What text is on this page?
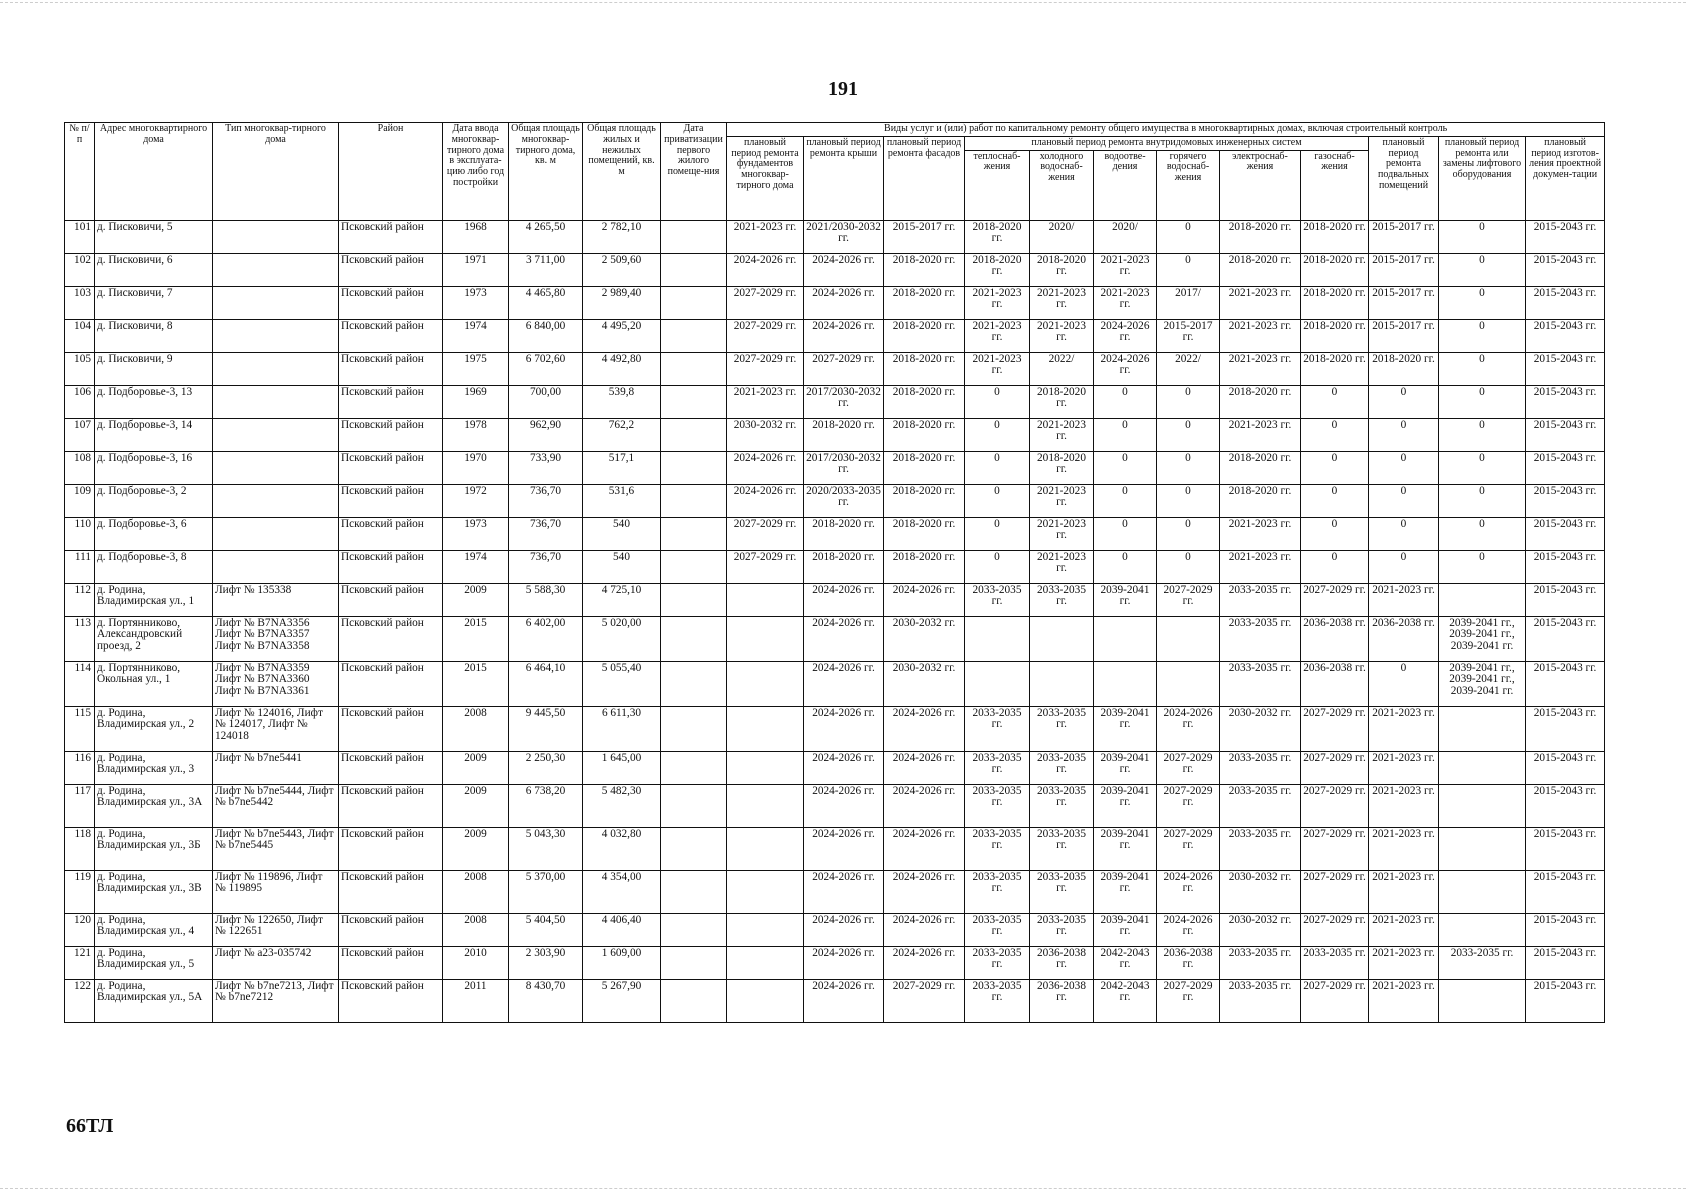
191
№ п/п	Адрес многоквартирного дома	Тип многоквар-тирного дома	Район	Дата ввода многоквар-тирного дома в эксплуата-цию либо год постройки	Общая площадь многоквар-тирного дома, кв. м	Общая площадь жилых и нежилых помещений, кв. м	Дата приватизации первого жилого помеще-ния	Виды услуг и (или) работ по капитальному ремонту общего имущества в многоквартирных домах, включая строительный контроль											
								плановый период ремонта фундаментов многоквар-тирного дома	плановый период ремонта крыши	плановый период ремонта фасадов	плановый период ремонта внутридомовых инженерных систем						плановый период ремонта подвальных помещений	плановый период ремонта или замены лифтового оборудования	плановый период изготов-ления проектной докумен-тации
											теплоснаб-жения	холодного водоснаб-жения	водоотве-дения	горячего водоснаб-жения	электроснаб-жения	газоснаб-жения			
101	д. Писковичи, 5		Псковский район	1968	4 265,50	2 782,10		2021-2023 гг.	2021/2030-2032 гг.	2015-2017 гг.	2018-2020 гг.	2020/	2020/	0	2018-2020 гг.	2018-2020 гг.	2015-2017 гг.	0	2015-2043 гг.
102	д. Писковичи, 6		Псковский район	1971	3 711,00	2 509,60		2024-2026 гг.	2024-2026 гг.	2018-2020 гг.	2018-2020 гг.	2018-2020 гг.	2021-2023 гг.	0	2018-2020 гг.	2018-2020 гг.	2015-2017 гг.	0	2015-2043 гг.
103	д. Писковичи, 7		Псковский район	1973	4 465,80	2 989,40		2027-2029 гг.	2024-2026 гг.	2018-2020 гг.	2021-2023 гг.	2021-2023 гг.	2021-2023 гг.	2017/	2021-2023 гг.	2018-2020 гг.	2015-2017 гг.	0	2015-2043 гг.
104	д. Писковичи, 8		Псковский район	1974	6 840,00	4 495,20		2027-2029 гг.	2024-2026 гг.	2018-2020 гг.	2021-2023 гг.	2021-2023 гг.	2024-2026 гг.	2015-2017 гг.	2021-2023 гг.	2018-2020 гг.	2015-2017 гг.	0	2015-2043 гг.
105	д. Писковичи, 9		Псковский район	1975	6 702,60	4 492,80		2027-2029 гг.	2027-2029 гг.	2018-2020 гг.	2021-2023 гг.	2022/	2024-2026 гг.	2022/	2021-2023 гг.	2018-2020 гг.	2018-2020 гг.	0	2015-2043 гг.
106	д. Подборовье-3, 13		Псковский район	1969	700,00	539,8		2021-2023 гг.	2017/2030-2032 гг.	2018-2020 гг.	0	2018-2020 гг.	0	0	2018-2020 гг.	0	0	0	2015-2043 гг.
107	д. Подборовье-3, 14		Псковский район	1978	962,90	762,2		2030-2032 гг.	2018-2020 гг.	2018-2020 гг.	0	2021-2023 гг.	0	0	2021-2023 гг.	0	0	0	2015-2043 гг.
108	д. Подборовье-3, 16		Псковский район	1970	733,90	517,1		2024-2026 гг.	2017/2030-2032 гг.	2018-2020 гг.	0	2018-2020 гг.	0	0	2018-2020 гг.	0	0	0	2015-2043 гг.
109	д. Подборовье-3, 2		Псковский район	1972	736,70	531,6		2024-2026 гг.	2020/2033-2035 гг.	2018-2020 гг.	0	2021-2023 гг.	0	0	2018-2020 гг.	0	0	0	2015-2043 гг.
110	д. Подборовье-3, 6		Псковский район	1973	736,70	540		2027-2029 гг.	2018-2020 гг.	2018-2020 гг.	0	2021-2023 гг.	0	0	2021-2023 гг.	0	0	0	2015-2043 гг.
111	д. Подборовье-3, 8		Псковский район	1974	736,70	540		2027-2029 гг.	2018-2020 гг.	2018-2020 гг.	0	2021-2023 гг.	0	0	2021-2023 гг.	0	0	0	2015-2043 гг.
112	д. Родина, Владимирская ул., 1	Лифт № 135338	Псковский район	2009	5 588,30	4 725,10			2024-2026 гг.	2024-2026 гг.	2033-2035 гг.	2033-2035 гг.	2039-2041 гг.	2027-2029 гг.	2033-2035 гг.	2027-2029 гг.	2021-2023 гг.		2015-2043 гг.
113	д. Портянниково, Александровский проезд, 2	Лифт № B7NA3356 Лифт № B7NA3357 Лифт № B7NA3358	Псковский район	2015	6 402,00	5 020,00			2024-2026 гг.	2030-2032 гг.					2033-2035 гг.	2036-2038 гг.	2036-2038 гг.	2039-2041 гг., 2039-2041 гг., 2039-2041 гг.	2015-2043 гг.
114	д. Портянниково, Окольная ул., 1	Лифт № B7NA3359 Лифт № B7NA3360 Лифт № B7NA3361	Псковский район	2015	6 464,10	5 055,40			2024-2026 гг.	2030-2032 гг.					2033-2035 гг.	2036-2038 гг.	0	2039-2041 гг., 2039-2041 гг., 2039-2041 гг.	2015-2043 гг.
115	д. Родина, Владимирская ул., 2	Лифт № 124016, Лифт № 124017, Лифт № 124018	Псковский район	2008	9 445,50	6 611,30			2024-2026 гг.	2024-2026 гг.	2033-2035 гг.	2033-2035 гг.	2039-2041 гг.	2024-2026 гг.	2030-2032 гг.	2027-2029 гг.	2021-2023 гг.		2015-2043 гг.
116	д. Родина, Владимирская ул., 3	Лифт № b7ne5441	Псковский район	2009	2 250,30	1 645,00			2024-2026 гг.	2024-2026 гг.	2033-2035 гг.	2033-2035 гг.	2039-2041 гг.	2027-2029 гг.	2033-2035 гг.	2027-2029 гг.	2021-2023 гг.		2015-2043 гг.
117	д. Родина, Владимирская ул., 3А	Лифт № b7ne5444, Лифт № b7ne5442	Псковский район	2009	6 738,20	5 482,30			2024-2026 гг.	2024-2026 гг.	2033-2035 гг.	2033-2035 гг.	2039-2041 гг.	2027-2029 гг.	2033-2035 гг.	2027-2029 гг.	2021-2023 гг.		2015-2043 гг.
118	д. Родина, Владимирская ул., 3Б	Лифт № b7ne5443, Лифт № b7ne5445	Псковский район	2009	5 043,30	4 032,80			2024-2026 гг.	2024-2026 гг.	2033-2035 гг.	2033-2035 гг.	2039-2041 гг.	2027-2029 гг.	2033-2035 гг.	2027-2029 гг.	2021-2023 гг.		2015-2043 гг.
119	д. Родина, Владимирская ул., 3В	Лифт № 119896, Лифт № 119895	Псковский район	2008	5 370,00	4 354,00			2024-2026 гг.	2024-2026 гг.	2033-2035 гг.	2033-2035 гг.	2039-2041 гг.	2024-2026 гг.	2030-2032 гг.	2027-2029 гг.	2021-2023 гг.		2015-2043 гг.
120	д. Родина, Владимирская ул., 4	Лифт № 122650, Лифт № 122651	Псковский район	2008	5 404,50	4 406,40			2024-2026 гг.	2024-2026 гг.	2033-2035 гг.	2033-2035 гг.	2039-2041 гг.	2024-2026 гг.	2030-2032 гг.	2027-2029 гг.	2021-2023 гг.		2015-2043 гг.
121	д. Родина, Владимирская ул., 5	Лифт № а23-035742	Псковский район	2010	2 303,90	1 609,00			2024-2026 гг.	2024-2026 гг.	2033-2035 гг.	2036-2038 гг.	2042-2043 гг.	2036-2038 гг.	2033-2035 гг.	2033-2035 гг.	2021-2023 гг.	2033-2035 гг.	2015-2043 гг.
122	д. Родина, Владимирская ул., 5А	Лифт № b7ne7213, Лифт № b7ne7212	Псковский район	2011	8 430,70	5 267,90			2024-2026 гг.	2027-2029 гг.	2033-2035 гг.	2036-2038 гг.	2042-2043 гг.	2027-2029 гг.	2033-2035 гг.	2027-2029 гг.	2021-2023 гг.		2015-2043 гг.
66ТЛ
